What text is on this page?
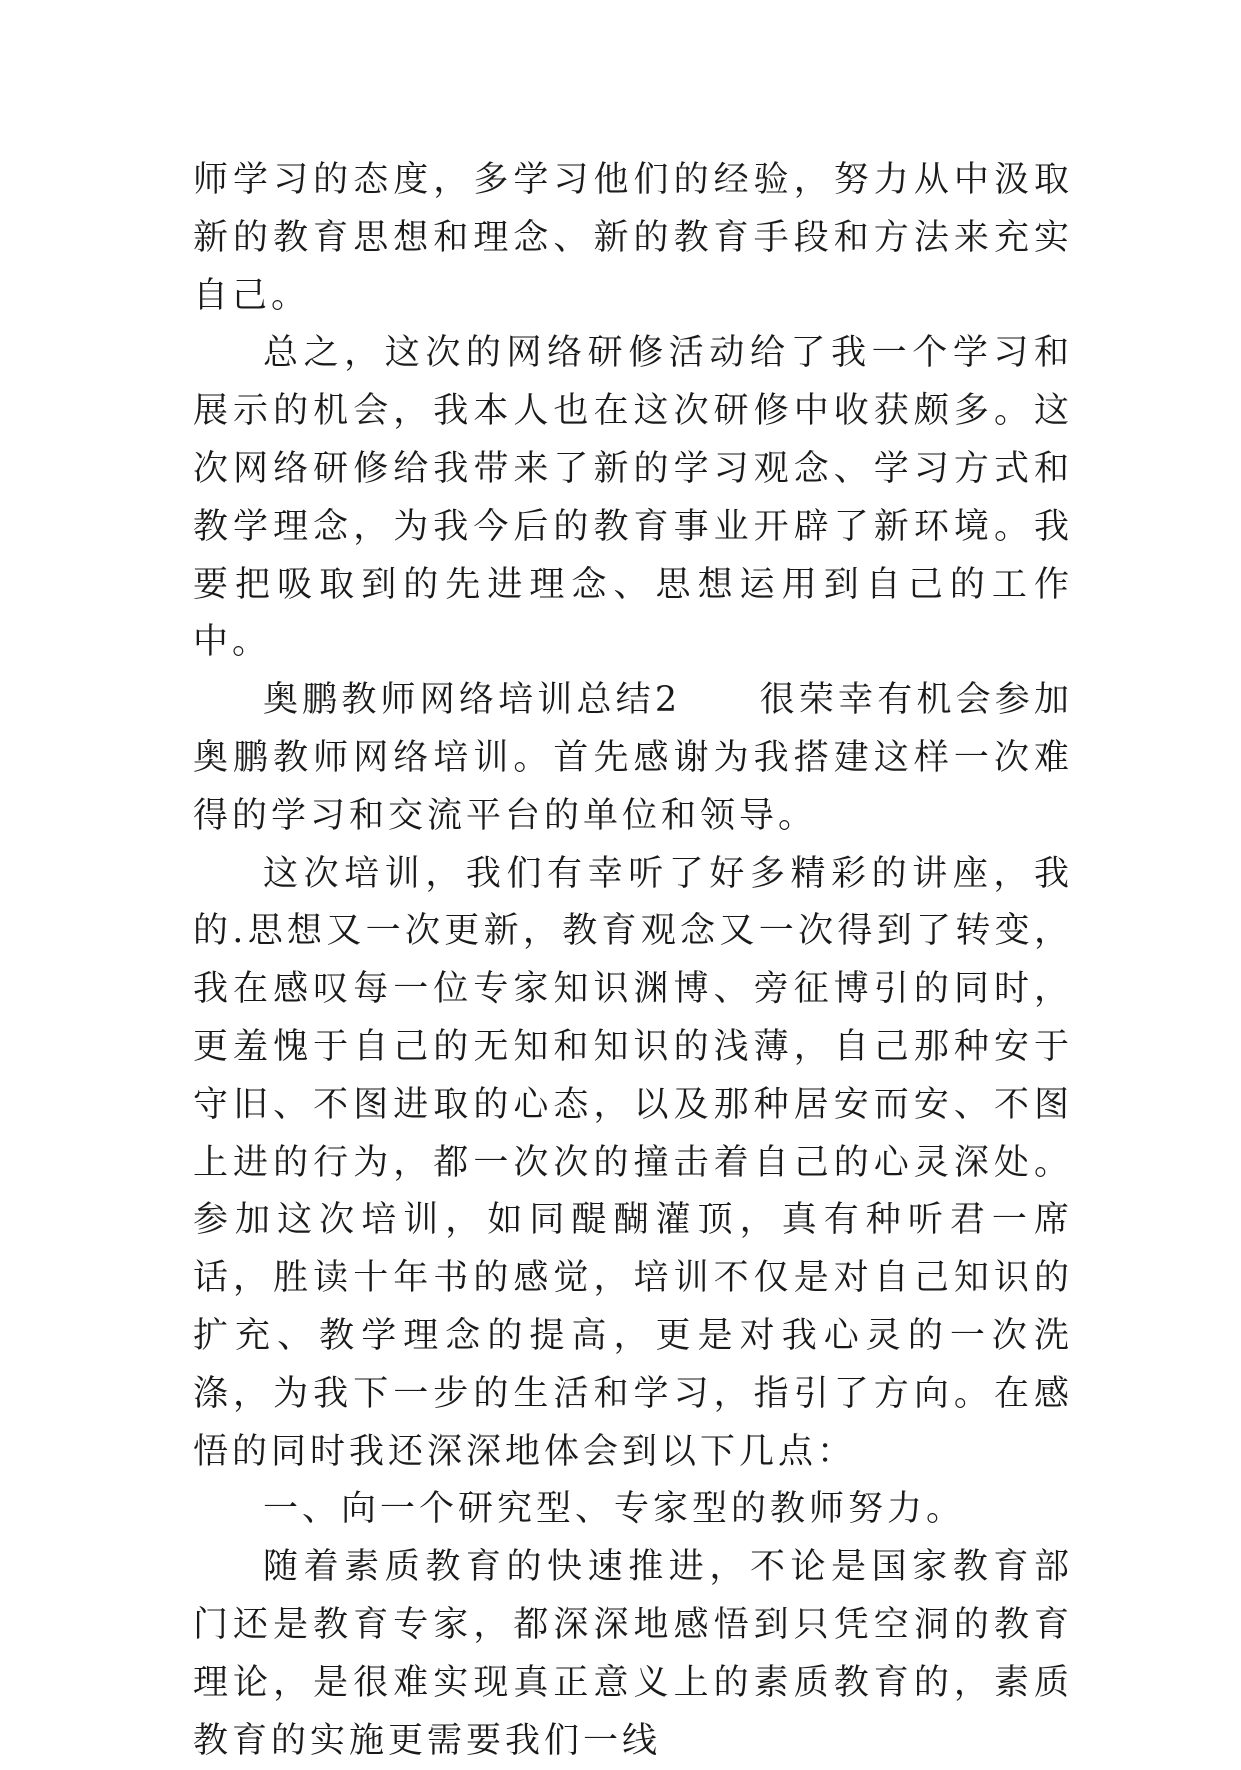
师学习的态度，多学习他们的经验，努力从中汲取新的教育思想和理念、新的教育手段和方法来充实自己。

总之，这次的网络研修活动给了我一个学习和展示的机会，我本人也在这次研修中收获颇多。这次网络研修给我带来了新的学习观念、学习方式和教学理念，为我今后的教育事业开辟了新环境。我要把吸取到的先进理念、思想运用到自己的工作中。

奥鹏教师网络培训总结2　　很荣幸有机会参加奥鹏教师网络培训。首先感谢为我搭建这样一次难得的学习和交流平台的单位和领导。

这次培训，我们有幸听了好多精彩的讲座，我的.思想又一次更新，教育观念又一次得到了转变，我在感叹每一位专家知识渊博、旁征博引的同时，更羞愧于自己的无知和知识的浅薄，自己那种安于守旧、不图进取的心态，以及那种居安而安、不图上进的行为，都一次次的撞击着自己的心灵深处。参加这次培训，如同醍醐灌顶，真有种听君一席话，胜读十年书的感觉，培训不仅是对自己知识的扩充、教学理念的提高，更是对我心灵的一次洗涤，为我下一步的生活和学习，指引了方向。在感悟的同时我还深深地体会到以下几点：

一、向一个研究型、专家型的教师努力。

随着素质教育的快速推进，不论是国家教育部门还是教育专家，都深深地感悟到只凭空洞的教育理论，是很难实现真正意义上的素质教育的，素质教育的实施更需要我们一线
